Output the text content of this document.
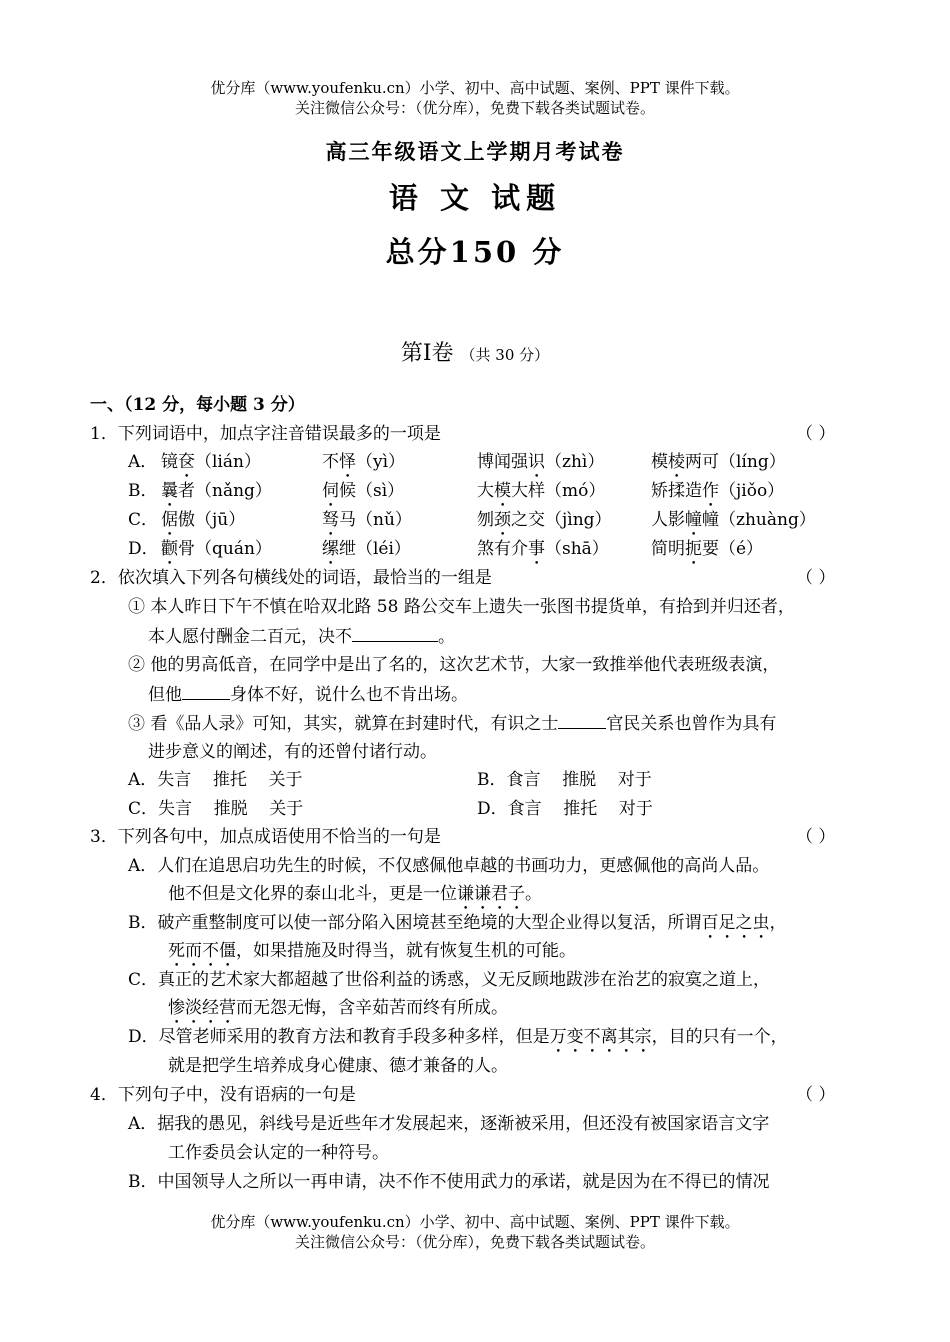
优分库（www.youfenku.cn）小学、初中、高中试题、案例、PPT 课件下载。
关注微信公众号：（优分库），免费下载各类试题试卷。
高三年级语文上学期月考试卷
语 文 试题
总分150 分
第Ⅰ卷 （共 30 分）
一、（12 分，每小题 3 分）
1．下列词语中，加点字注音错误最多的一项是	（ ）
A． 镜奁（lián）	不怿（yì）	博闻强识（zhì）	模棱两可（líng）
B． 曩者（nǎng）	伺候（sì）	大模大样（mó）	矫揉造作（jiǒo）
C． 倨傲（jū）	驽马（nǔ）	刎颈之交（jìng） 人影幢幢（zhuàng）
D． 颧骨（quán）	缧绁（léi）	煞有介事（shā） 简明扼要（é）
2．依次填入下列各句横线处的词语，最恰当的一组是	（ ）
① 本人昨日下午不慎在哈双北路 58 路公交车上遗失一张图书提货单，有拾到并归还者，
本人愿付酬金二百元，决不	。
② 他的男高低音，在同学中是出了名的，这次艺术节，大家一致推举他代表班级表演，
但他	身体不好，说什么也不肯出场。
③ 看《品人录》可知，其实，就算在封建时代，有识之士	官民关系也曾作为具有
进步意义的阐述，有的还曾付诸行动。
A．失言    推托    关于	B．食言    推脱    对于
C．失言    推脱    关于	D．食言    推托    对于
3．下列各句中，加点成语使用不恰当的一句是	（ ）
A．人们在追思启功先生的时候，不仅感佩他卓越的书画功力，更感佩他的高尚人品。
他不但是文化界的泰山北斗，更是一位谦谦君子。
B．破产重整制度可以使一部分陷入困境甚至绝境的大型企业得以复活，所谓百足之虫，
死而不僵，如果措施及时得当，就有恢复生机的可能。
C．真正的艺术家大都超越了世俗利益的诱惑，义无反顾地跋涉在治艺的寂寞之道上，
惨淡经营而无怨无悔，含辛茹苦而终有所成。
D．尽管老师采用的教育方法和教育手段多种多样，但是万变不离其宗，目的只有一个，
就是把学生培养成身心健康、德才兼备的人。
4．下列句子中，没有语病的一句是	（ ）
A．据我的愚见，斜线号是近些年才发展起来，逐渐被采用，但还没有被国家语言文字
工作委员会认定的一种符号。
B．中国领导人之所以一再申请，决不作不使用武力的承诺，就是因为在不得已的情况
优分库（www.youfenku.cn）小学、初中、高中试题、案例、PPT 课件下载。
关注微信公众号：（优分库），免费下载各类试题试卷。
